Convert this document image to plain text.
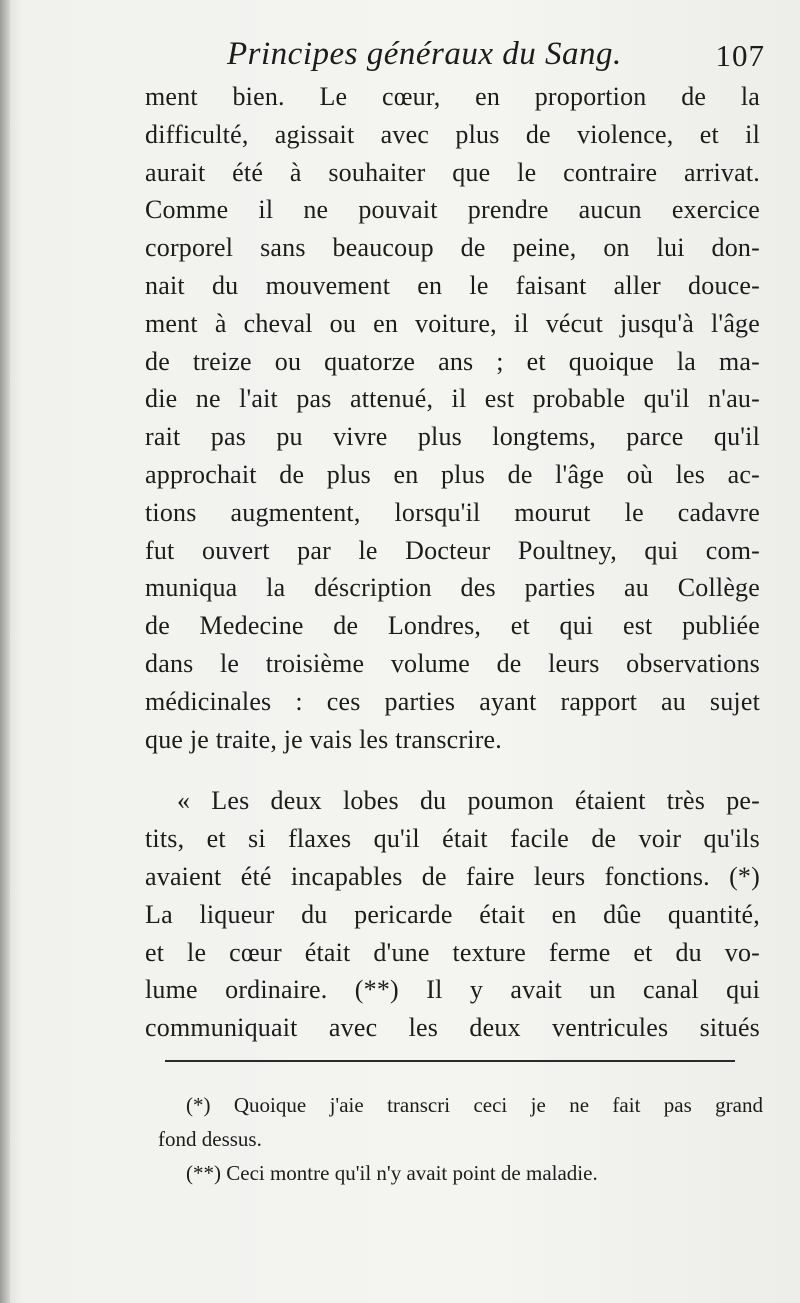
Principes généraux du Sang.	107
ment bien. Le cœur, en proportion de la
difficulté, agissait avec plus de violence, et il
aurait été à souhaiter que le contraire arrivat.
Comme il ne pouvait prendre aucun exercice
corporel sans beaucoup de peine, on lui don-
nait du mouvement en le faisant aller douce-
ment à cheval ou en voiture, il vécut jusqu'à l'âge
de treize ou quatorze ans ; et quoique la ma-
die ne l'ait pas attenué, il est probable qu'il n'au-
rait pas pu vivre plus longtems, parce qu'il
approchait de plus en plus de l'âge où les ac-
tions augmentent, lorsqu'il mourut le cadavre
fut ouvert par le Docteur Poultney, qui com-
muniqua la déscription des parties au Collège
de Medecine de Londres, et qui est publiée
dans le troisième volume de leurs observations
médicinales : ces parties ayant rapport au sujet
que je traite, je vais les transcrire.
« Les deux lobes du poumon étaient très pe-
tits, et si flaxes qu'il était facile de voir qu'ils
avaient été incapables de faire leurs fonctions. (*)
La liqueur du pericarde était en dûe quantité,
et le cœur était d'une texture ferme et du vo-
lume ordinaire. (**) Il y avait un canal qui
communiquait avec les deux ventricules situés
(*) Quoique j'aie transcri ceci je ne fait pas grand
fond dessus.
(**) Ceci montre qu'il n'y avait point de maladie.
